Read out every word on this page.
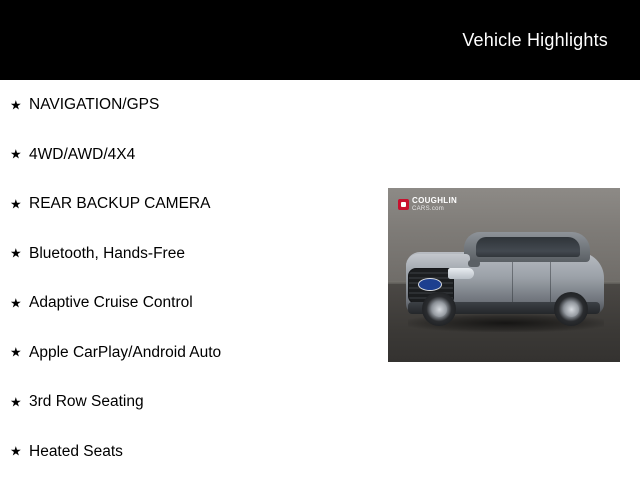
Vehicle Highlights
★ NAVIGATION/GPS
★ 4WD/AWD/4X4
★ REAR BACKUP CAMERA
★ Bluetooth, Hands-Free
★ Adaptive Cruise Control
★ Apple CarPlay/Android Auto
★ 3rd Row Seating
★ Heated Seats
COUGHLIN
CARS.com
